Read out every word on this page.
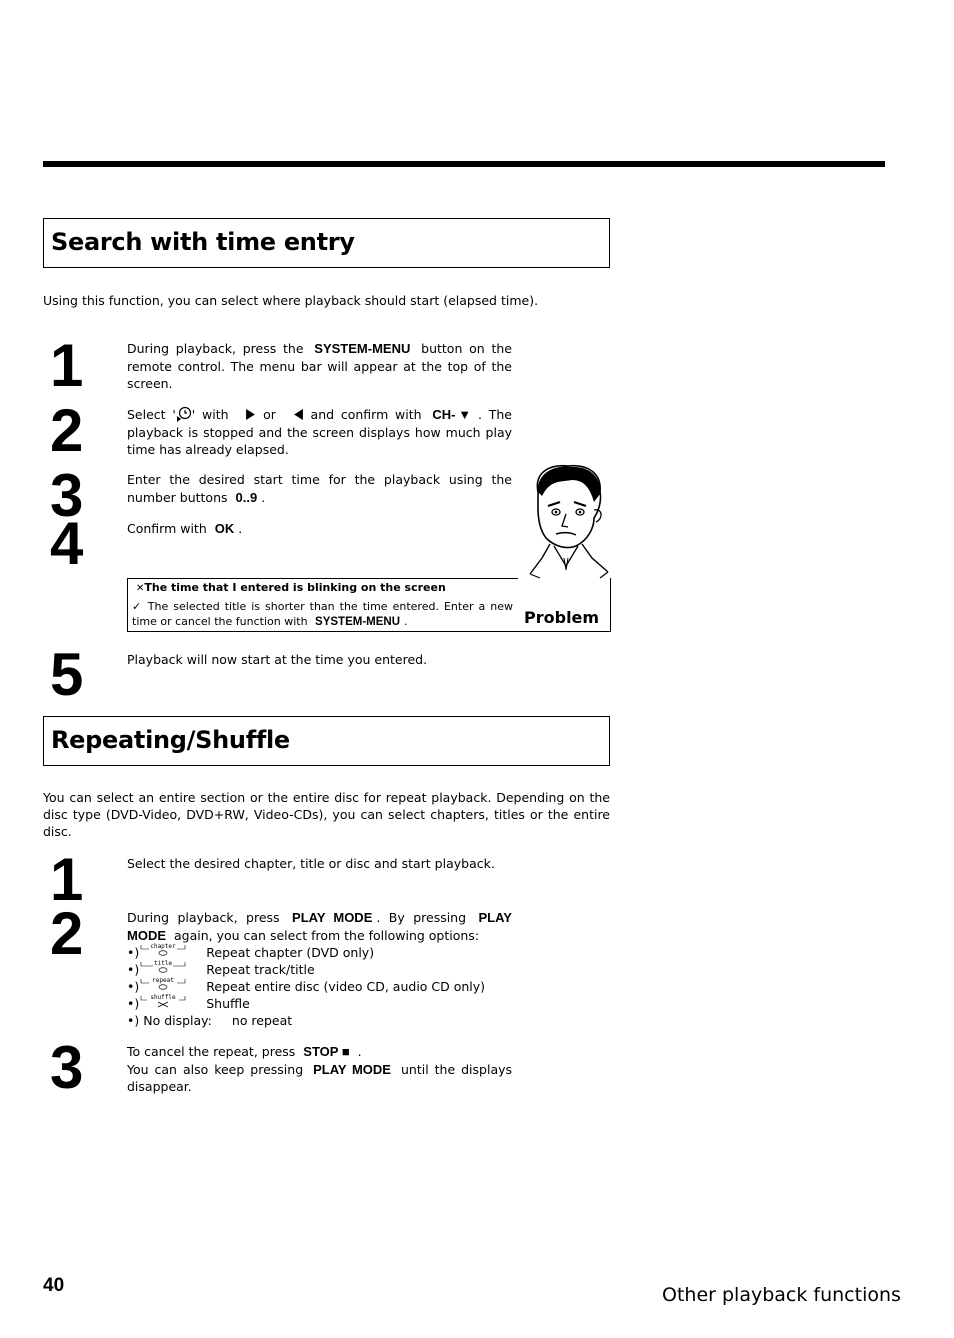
Search with time entry
Using this function, you can select where playback should start (elapsed time).
1	During playback, press the SYSTEM-MENU button on the remote control. The menu bar will appear at the top of the screen.
2	Select ' ' with	or	and confirm with CH-▼ . The playback is stopped and the screen displays how much play time has already elapsed.
3	Enter the desired start time for the playback using the number buttons 0..9 .
4	Confirm with OK .
✕The time that I entered is blinking on the screen
✓ The selected title is shorter than the time entered. Enter a new time or cancel the function with SYSTEM-MENU .	Problem
5	Playback will now start at the time you entered.
Repeating/Shuffle
You can select an entire section or the entire disc for repeat playback. Depending on the disc type (DVD-Video, DVD+RW, Video-CDs), you can select chapters, titles or the entire disc.
1	Select the desired chapter, title or disc and start playback.
2	During playback, press PLAY MODE . By pressing PLAY MODE again, you can select from the following options:
•) chapter	Repeat chapter (DVD only)
•) title	Repeat track/title
•) repeat	Repeat entire disc (video CD, audio CD only)
•) shuffle	Shuffle
•) No display:	no repeat
3	To cancel the repeat, press STOP ■ .
You can also keep pressing PLAY MODE until the displays disappear.
40	Other playback functions
